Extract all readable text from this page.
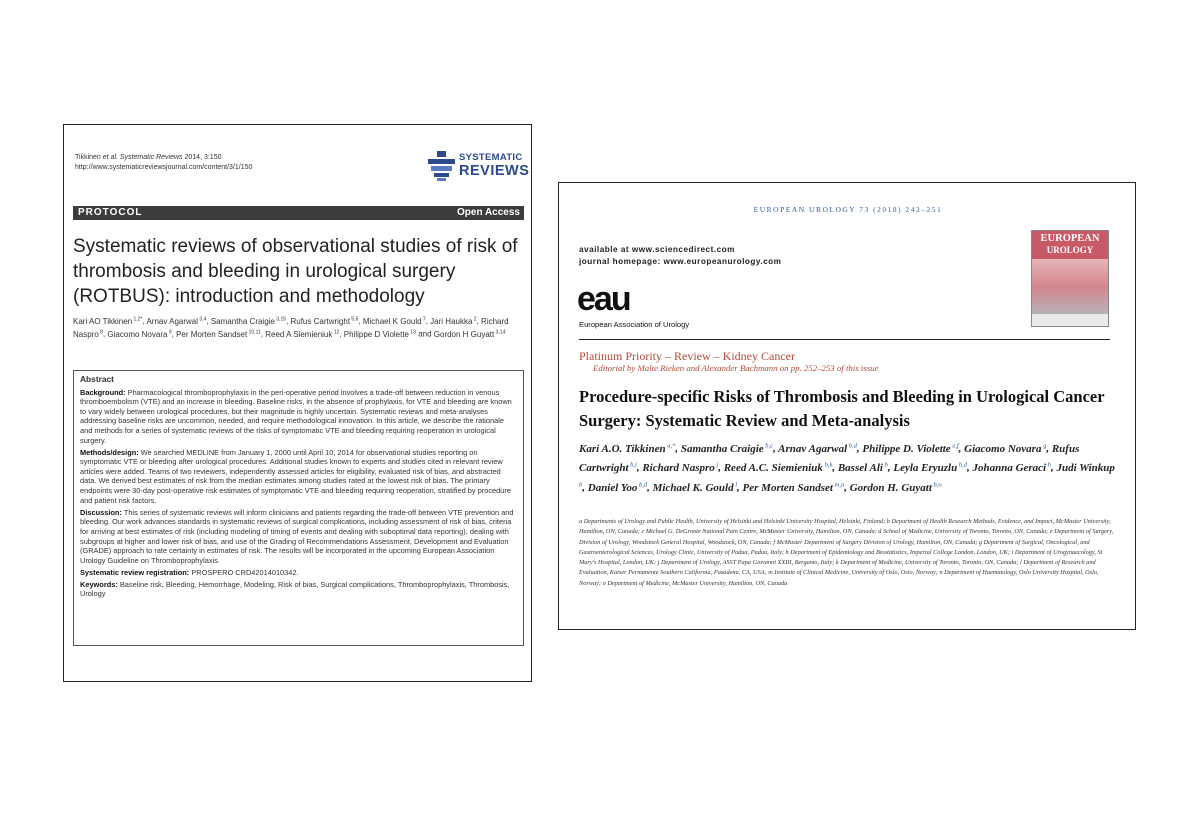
Tikkinen et al. Systematic Reviews 2014, 3:150
http://www.systematicreviewsjournal.com/content/3/1/150
SYSTEMATIC
REVIEWS
PROTOCOL	Open Access
Systematic reviews of observational studies of risk of thrombosis and bleeding in urological surgery (ROTBUS): introduction and methodology
Kari AO Tikkinen $^{1,2*}$, Arnav Agarwal $^{3,4}$, Samantha Craigie $^{3,15}$, Rufus Cartwright $^{5,6}$, Michael K Gould $^7$, Jari Haukka $^2$, Richard Naspro $^8$, Giacomo Novara $^9$, Per Morten Sandset $^{10,11}$, Reed A Siemieniuk $^{12}$, Philippe D Violette $^{13}$ and Gordon H Guyatt $^{3,14}$
Abstract

Background: Pharmacological thromboprophylaxis in the peri-operative period involves a trade-off between reduction in venous thromboembolism (VTE) and an increase in bleeding. Baseline risks, in the absence of prophylaxis, for VTE and bleeding are known to vary widely between urological procedures, but their magnitude is highly uncertain. Systematic reviews and meta-analyses addressing baseline risks are uncommon, needed, and require methodological innovation. In this article, we describe the rationale and methods for a series of systematic reviews of the risks of symptomatic VTE and bleeding requiring reoperation in urological surgery.

Methods/design: We searched MEDLINE from January 1, 2000 until April 10, 2014 for observational studies reporting on symptomatic VTE or bleeding after urological procedures. Additional studies known to experts and studies cited in relevant review articles were added. Teams of two reviewers, independently assessed articles for eligibility, evaluated risk of bias, and abstracted data. We derived best estimates of risk from the median estimates among studies rated at the lowest risk of bias. The primary endpoints were 30-day post-operative risk estimates of symptomatic VTE and bleeding requiring reoperation, stratified by procedure and patient risk factors.

Discussion: This series of systematic reviews will inform clinicians and patients regarding the trade-off between VTE prevention and bleeding. Our work advances standards in systematic reviews of surgical complications, including assessment of risk of bias, criteria for arriving at best estimates of risk (including modeling of timing of events and dealing with suboptimal data reporting), dealing with subgroups at higher and lower risk of bias, and use of the Grading of Recommendations Assessment, Development and Evaluation (GRADE) approach to rate certainty in estimates of risk. The results will be incorporated in the upcoming European Association Urology Guideline on Thromboprophylaxis.

Systematic review registration: PROSPERO CRD42014010342.

Keywords: Baseline risk, Bleeding, Hemorrhage, Modeling, Risk of bias, Surgical complications, Thromboprophylaxis, Thrombosis, Urology

EUROPEAN UROLOGY 73 (2018) 242–251
available at www.sciencedirect.com
journal homepage: www.europeanurology.com
eau
European Association of Urology
EUROPEAN
UROLOGY
Platinum Priority – Review – Kidney Cancer
Editorial by Malte Rieken and Alexander Bachmann on pp. 252–253 of this issue
Procedure-specific Risks of Thrombosis and Bleeding in Urological Cancer Surgery: Systematic Review and Meta-analysis
Kari A.O. Tikkinen $^{a,*}$, Samantha Craigie $^{b,c}$, Arnav Agarwal $^{b,d}$, Philippe D. Violette $^{e,f}$, Giacomo Novara $^g$, Rufus Cartwright $^{h,i}$, Richard Naspro $^j$, Reed A.C. Siemieniuk $^{b,k}$, Bassel Ali $^b$, Leyla Eryuzlu $^{b,d}$, Johanna Geraci $^b$, Judi Winkup $^b$, Daniel Yoo $^{b,d}$, Michael K. Gould $^l$, Per Morten Sandset $^{m,n}$, Gordon H. Guyatt $^{b,o}$
a Departments of Urology and Public Health, University of Helsinki and Helsinki University Hospital, Helsinki, Finland; b Department of Health Research Methods, Evidence, and Impact, McMaster University, Hamilton, ON, Canada; c Michael G. DeGroote National Pain Centre, McMaster University, Hamilton, ON, Canada; d School of Medicine, University of Toronto, Toronto, ON, Canada; e Department of Surgery, Division of Urology, Woodstock General Hospital, Woodstock, ON, Canada; f McMaster Department of Surgery Division of Urology, Hamilton, ON, Canada; g Department of Surgical, Oncological, and Gastroenterological Sciences, Urology Clinic, University of Padua, Padua, Italy; h Department of Epidemiology and Biostatistics, Imperial College London, London, UK; i Department of Urogynaecology, St Mary's Hospital, London, UK; j Department of Urology, ASST Papa Giovanni XXIII, Bergamo, Italy; k Department of Medicine, University of Toronto, Toronto, ON, Canada; l Department of Research and Evaluation, Kaiser Permanente Southern California, Pasadena, CA, USA; m Institute of Clinical Medicine, University of Oslo, Oslo, Norway; n Department of Haematology, Oslo University Hospital, Oslo, Norway; o Department of Medicine, McMaster University, Hamilton, ON, Canada
